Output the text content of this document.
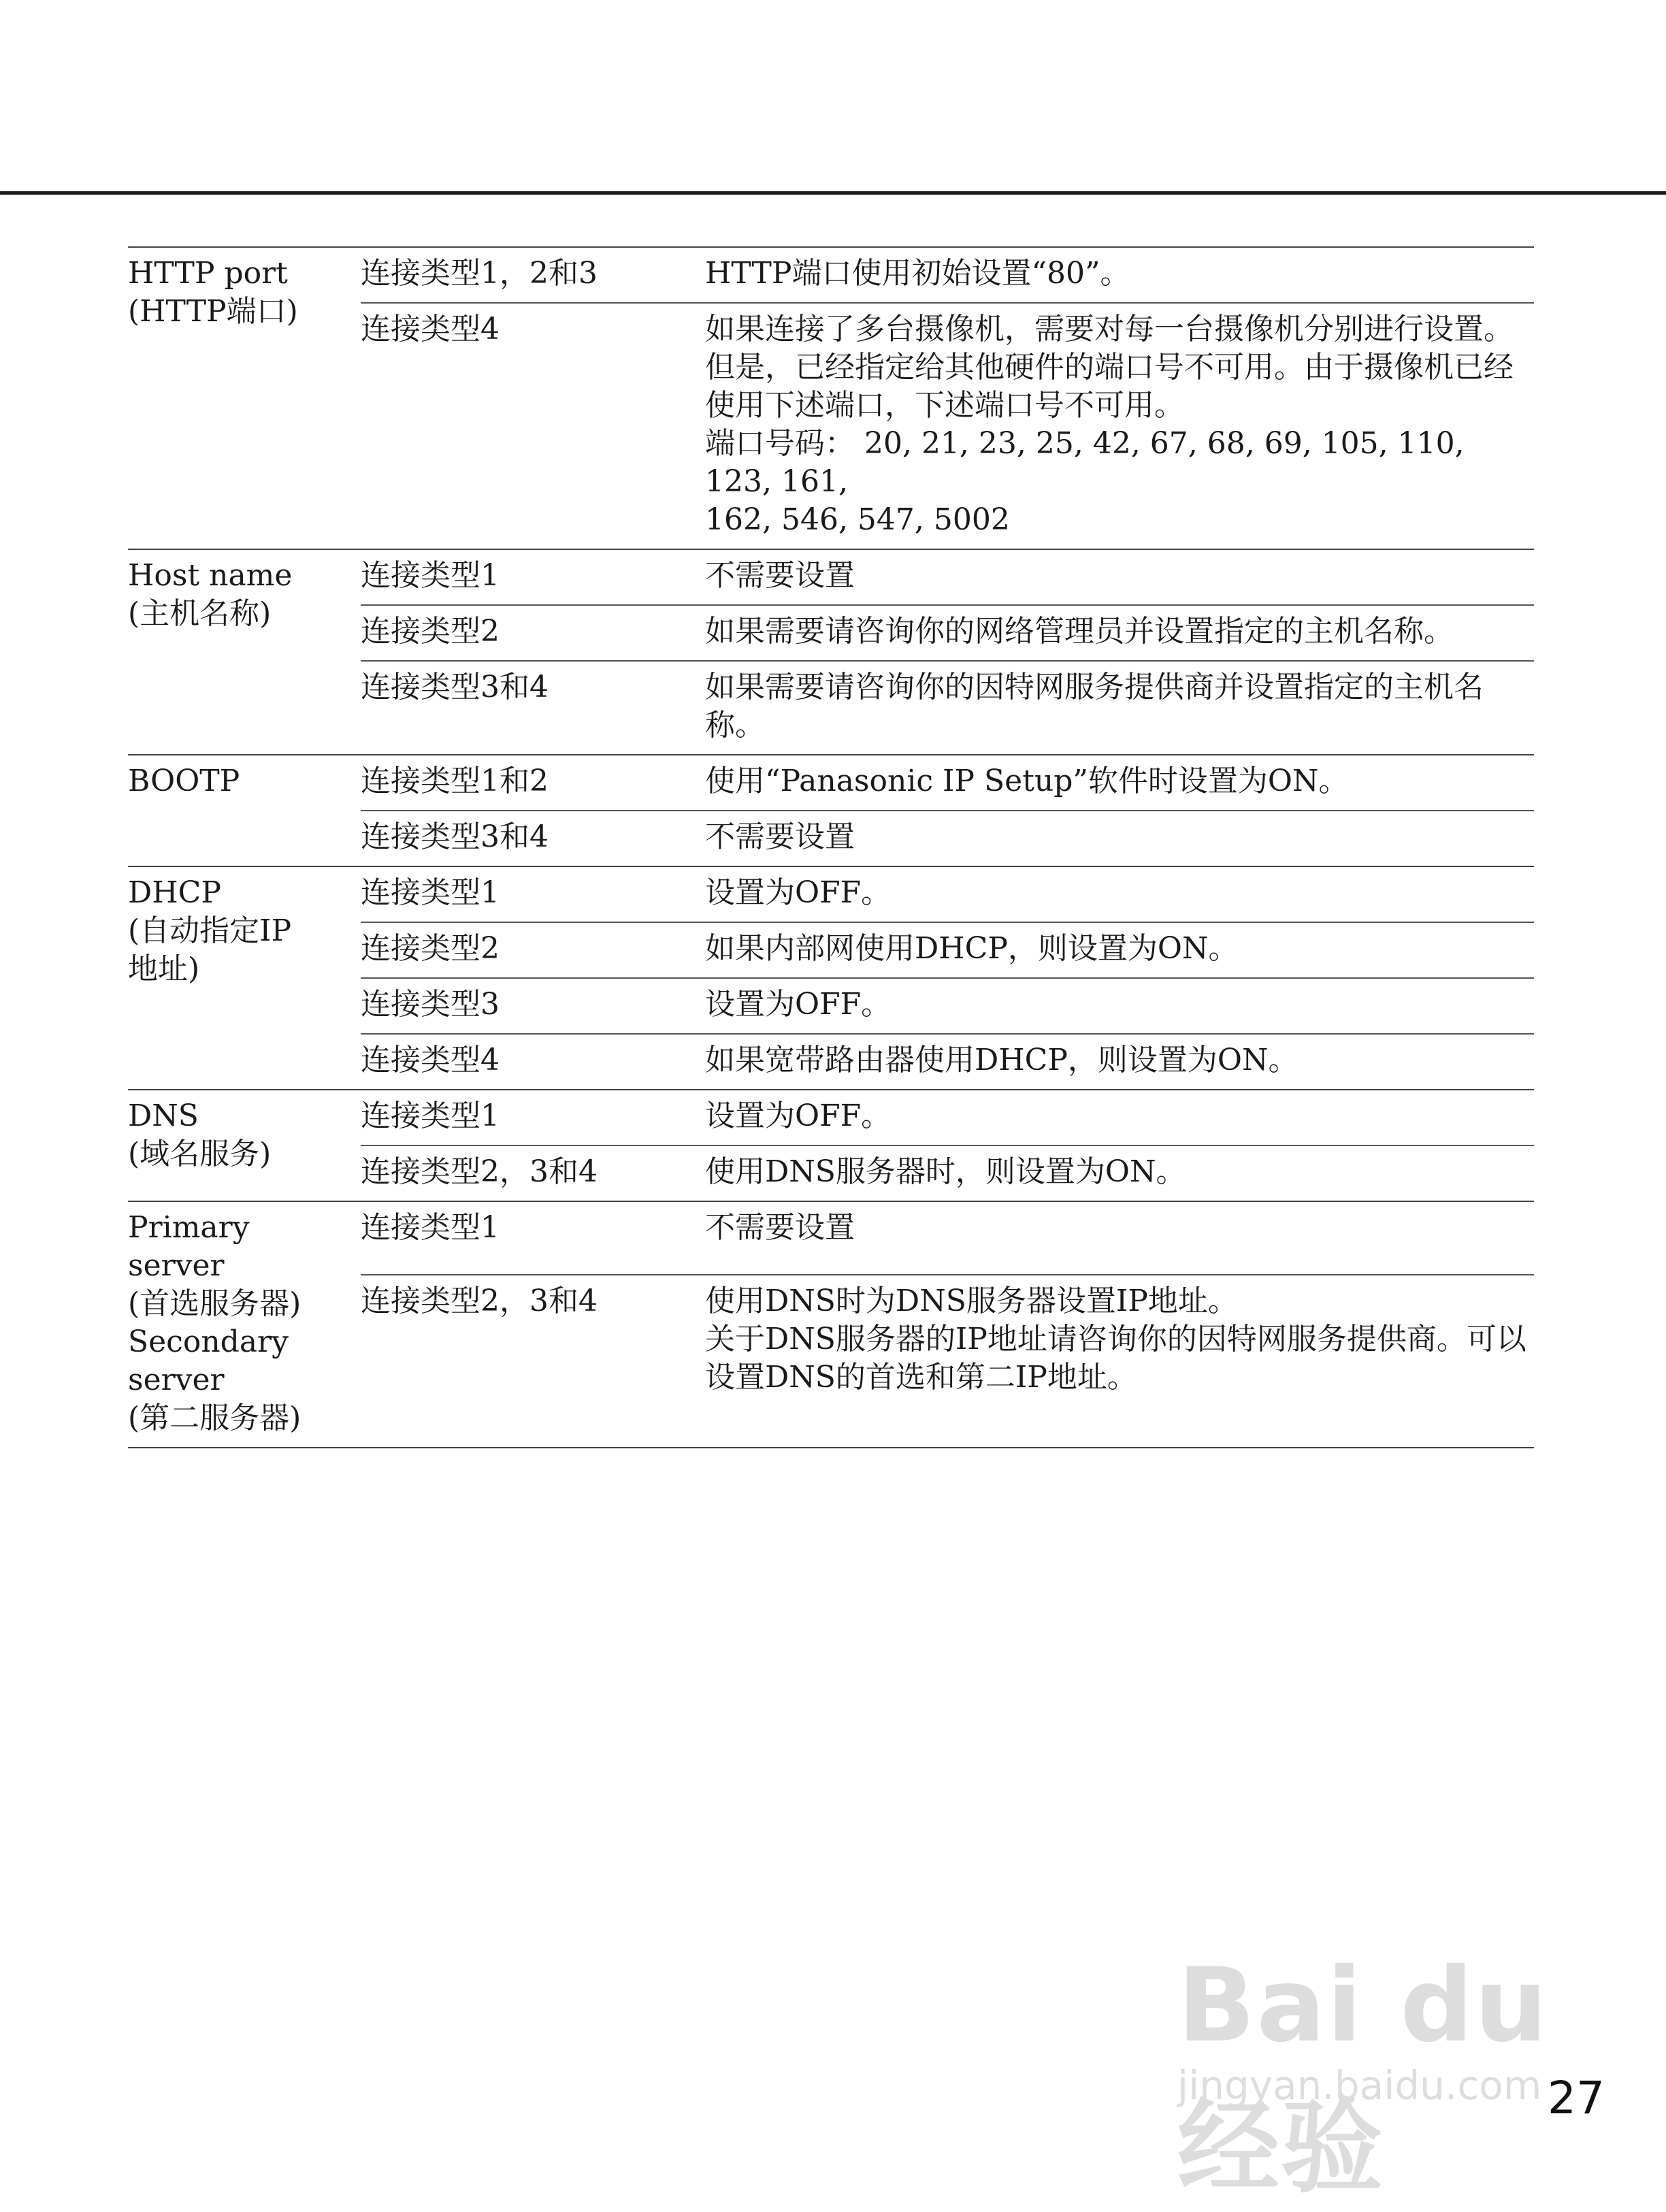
HTTP port
(HTTP端口)	连接类型1，2和3	HTTP端口使用初始设置“80”。

	连接类型4	如果连接了多台摄像机，需要对每一台摄像机分别进行设置。
但是，已经指定给其他硬件的端口号不可用。由于摄像机已经
使用下述端口，下述端口号不可用。
端口号码： 20, 21, 23, 25, 42, 67, 68, 69, 105, 110, 123, 161,
162, 546, 547, 5002

Host name
(主机名称)	连接类型1	不需要设置

	连接类型2	如果需要请咨询你的网络管理员并设置指定的主机名称。

	连接类型3和4	如果需要请咨询你的因特网服务提供商并设置指定的主机名称。

BOOTP	连接类型1和2	使用“Panasonic IP Setup”软件时设置为ON。

	连接类型3和4	不需要设置

DHCP
(自动指定IP
地址)	连接类型1	设置为OFF。

	连接类型2	如果内部网使用DHCP，则设置为ON。

	连接类型3	设置为OFF。

	连接类型4	如果宽带路由器使用DHCP，则设置为ON。

DNS
(域名服务)	连接类型1	设置为OFF。

	连接类型2，3和4	使用DNS服务器时，则设置为ON。

Primary server
(首选服务器)
Secondary
server
(第二服务器)	连接类型1	不需要设置

	连接类型2，3和4	使用DNS时为DNS服务器设置IP地址。
关于DNS服务器的IP地址请咨询你的因特网服务提供商。可以
设置DNS的首选和第二IP地址。
Bai du 经验
jingyan.baidu.com 27
